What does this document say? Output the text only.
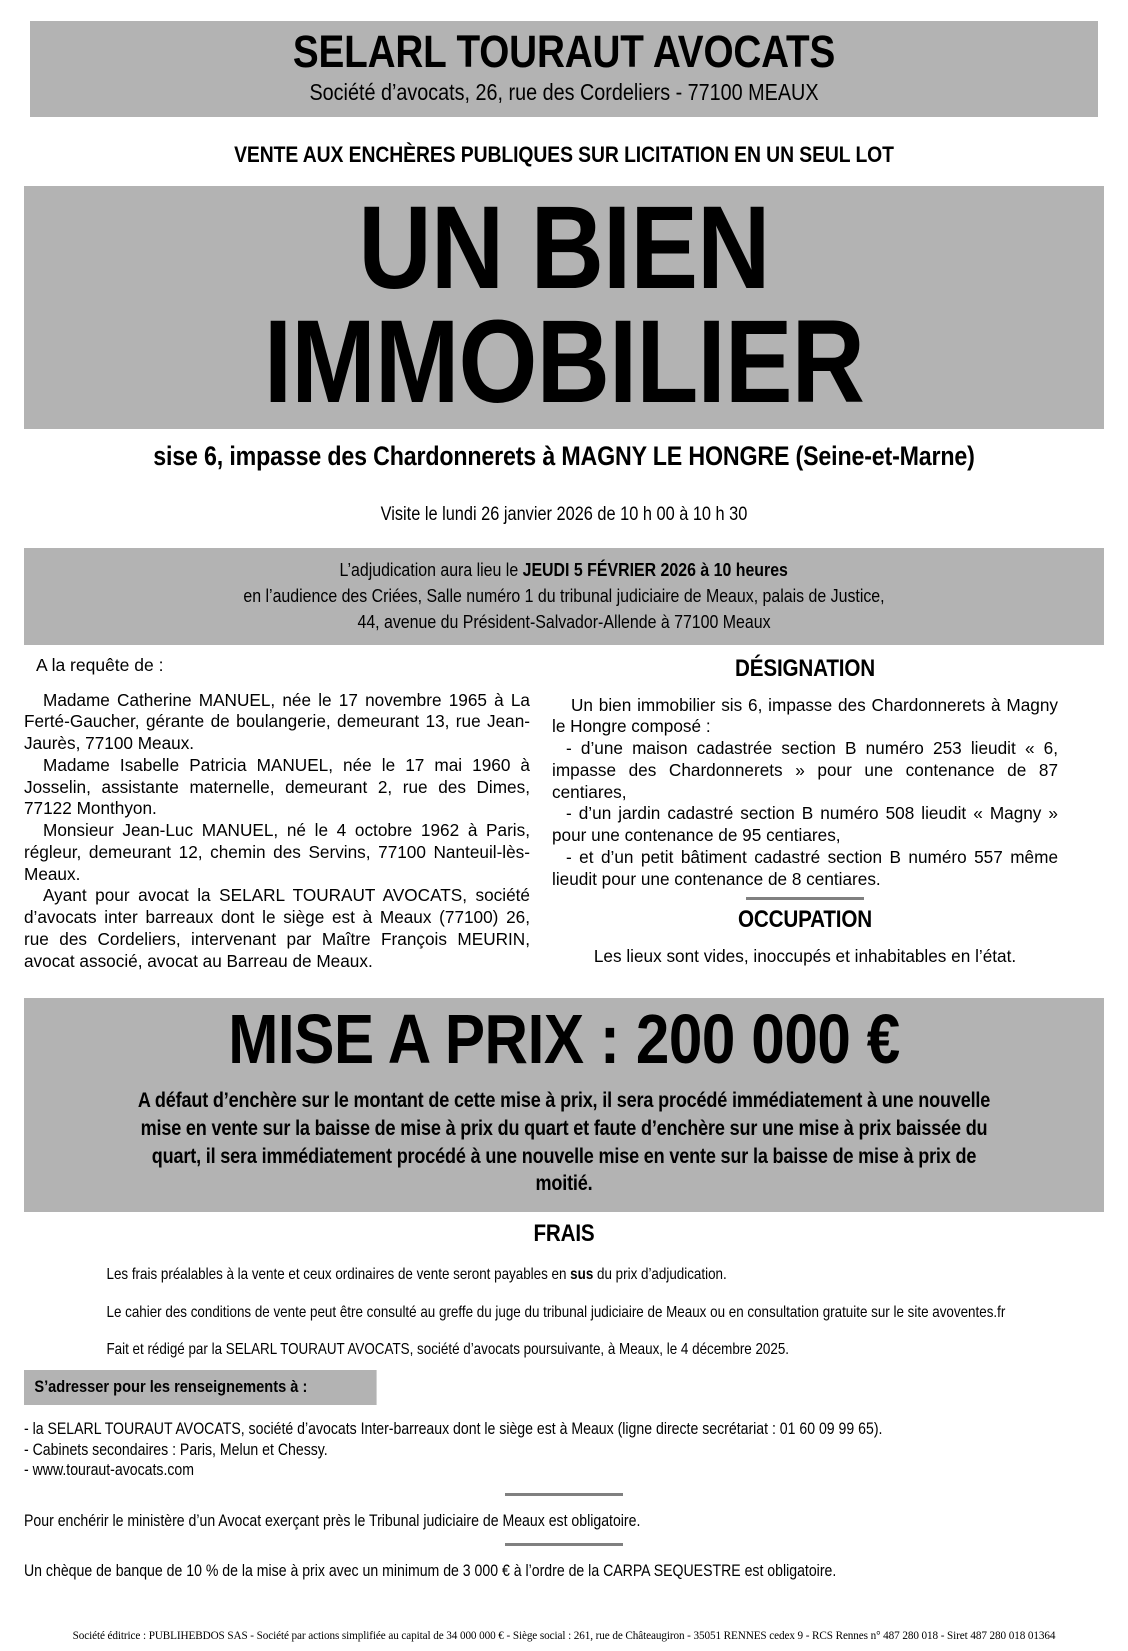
SELARL TOURAUT AVOCATS
Société d’avocats, 26, rue des Cordeliers - 77100 MEAUX
VENTE AUX ENCHÈRES PUBLIQUES SUR LICITATION EN UN SEUL LOT
UN BIEN
IMMOBILIER
sise 6, impasse des Chardonnerets à MAGNY LE HONGRE (Seine-et-Marne)
Visite le lundi 26 janvier 2026 de 10 h 00 à 10 h 30
L’adjudication aura lieu le JEUDI 5 FÉVRIER 2026 à 10 heures
en l’audience des Criées, Salle numéro 1 du tribunal judiciaire de Meaux, palais de Justice,
44, avenue du Président-Salvador-Allende à 77100 Meaux
A la requête de :

Madame Catherine MANUEL, née le 17 novembre 1965 à La Ferté-Gaucher, gérante de boulangerie, demeurant 13, rue Jean-Jaurès, 77100 Meaux.

Madame Isabelle Patricia MANUEL, née le 17 mai 1960 à Josselin, assistante maternelle, demeurant 2, rue des Dimes, 77122 Monthyon.

Monsieur Jean-Luc MANUEL, né le 4 octobre 1962 à Paris, régleur, demeurant 12, chemin des Servins, 77100 Nanteuil-lès-Meaux.

Ayant pour avocat la SELARL TOURAUT AVOCATS, société d’avocats inter barreaux dont le siège est à Meaux (77100) 26, rue des Cordeliers, intervenant par Maître François MEURIN, avocat associé, avocat au Barreau de Meaux.

DÉSIGNATION

Un bien immobilier sis 6, impasse des Chardonnerets à Magny le Hongre composé :

- d’une maison cadastrée section B numéro 253 lieudit « 6, impasse des Chardonnerets » pour une contenance de 87 centiares,

- d’un jardin cadastré section B numéro 508 lieudit « Magny » pour une contenance de 95 centiares,

- et d’un petit bâtiment cadastré section B numéro 557 même lieudit pour une contenance de 8 centiares.

OCCUPATION

Les lieux sont vides, inoccupés et inhabitables en l’état.

MISE A PRIX : 200 000 €
A défaut d’enchère sur le montant de cette mise à prix, il sera procédé immédiatement à une nouvelle mise en vente sur la baisse de mise à prix du quart et faute d’enchère sur une mise à prix baissée du quart, il sera immédiatement procédé à une nouvelle mise en vente sur la baisse de mise à prix de moitié.
FRAIS

Les frais préalables à la vente et ceux ordinaires de vente seront payables en sus du prix d’adjudication.

Le cahier des conditions de vente peut être consulté au greffe du juge du tribunal judiciaire de Meaux ou en consultation gratuite sur le site avoventes.fr

Fait et rédigé par la SELARL TOURAUT AVOCATS, société d’avocats poursuivante, à Meaux, le 4 décembre 2025.

S’adresser pour les renseignements à :
- la SELARL TOURAUT AVOCATS, société d’avocats Inter-barreaux dont le siège est à Meaux (ligne directe secrétariat : 01 60 09 99 65).
- Cabinets secondaires : Paris, Melun et Chessy.
- www.touraut-avocats.com

Pour enchérir le ministère d’un Avocat exerçant près le Tribunal judiciaire de Meaux est obligatoire.

Un chèque de banque de 10 % de la mise à prix avec un minimum de 3 000 € à l’ordre de la CARPA SEQUESTRE est obligatoire.

Société éditrice : PUBLIHEBDOS SAS - Société par actions simplifiée au capital de 34 000 000 € - Siège social : 261, rue de Châteaugiron - 35051 RENNES cedex 9 - RCS Rennes n° 487 280 018 - Siret 487 280 018 01364
